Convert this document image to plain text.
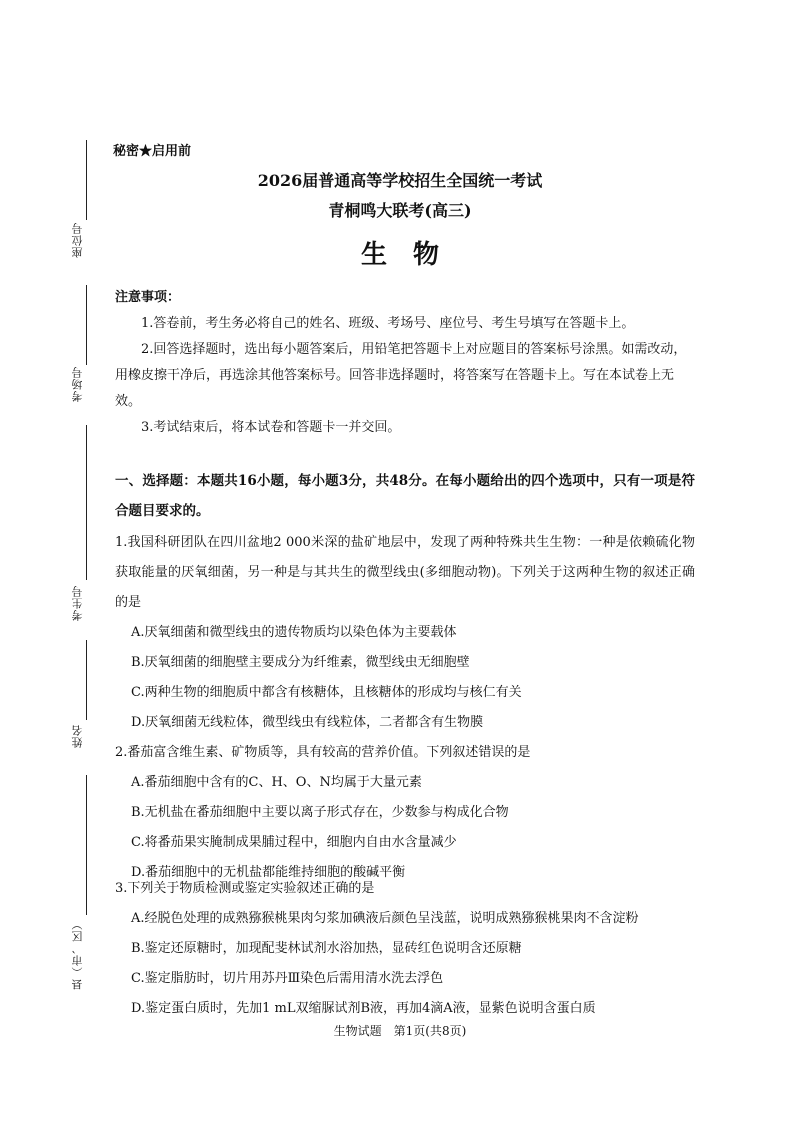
座位号
考场号
考生号
姓名
县（市、区）
秘密★启用前
2026届普通高等学校招生全国统一考试
青桐鸣大联考(高三)
生物
注意事项：

1.答卷前，考生务必将自己的姓名、班级、考场号、座位号、考生号填写在答题卡上。

2.回答选择题时，选出每小题答案后，用铅笔把答题卡上对应题目的答案标号涂黑。如需改动，用橡皮擦干净后，再选涂其他答案标号。回答非选择题时，将答案写在答题卡上。写在本试卷上无效。

3.考试结束后，将本试卷和答题卡一并交回。

一、选择题：本题共16小题，每小题3分，共48分。在每小题给出的四个选项中，只有一项是符合题目要求的。
1.我国科研团队在四川盆地2 000米深的盐矿地层中，发现了两种特殊共生生物：一种是依赖硫化物获取能量的厌氧细菌，另一种是与其共生的微型线虫(多细胞动物)。下列关于这两种生物的叙述正确的是
A.厌氧细菌和微型线虫的遗传物质均以染色体为主要载体
B.厌氧细菌的细胞壁主要成分为纤维素，微型线虫无细胞壁
C.两种生物的细胞质中都含有核糖体，且核糖体的形成均与核仁有关
D.厌氧细菌无线粒体，微型线虫有线粒体，二者都含有生物膜
2.番茄富含维生素、矿物质等，具有较高的营养价值。下列叙述错误的是
A.番茄细胞中含有的C、H、O、N均属于大量元素
B.无机盐在番茄细胞中主要以离子形式存在，少数参与构成化合物
C.将番茄果实腌制成果脯过程中，细胞内自由水含量减少
D.番茄细胞中的无机盐都能维持细胞的酸碱平衡
3.下列关于物质检测或鉴定实验叙述正确的是
A.经脱色处理的成熟猕猴桃果肉匀浆加碘液后颜色呈浅蓝，说明成熟猕猴桃果肉不含淀粉
B.鉴定还原糖时，加现配斐林试剂水浴加热，显砖红色说明含还原糖
C.鉴定脂肪时，切片用苏丹Ⅲ染色后需用清水洗去浮色
D.鉴定蛋白质时，先加1 mL双缩脲试剂B液，再加4滴A液，显紫色说明含蛋白质
生物试题　第1页(共8页)
